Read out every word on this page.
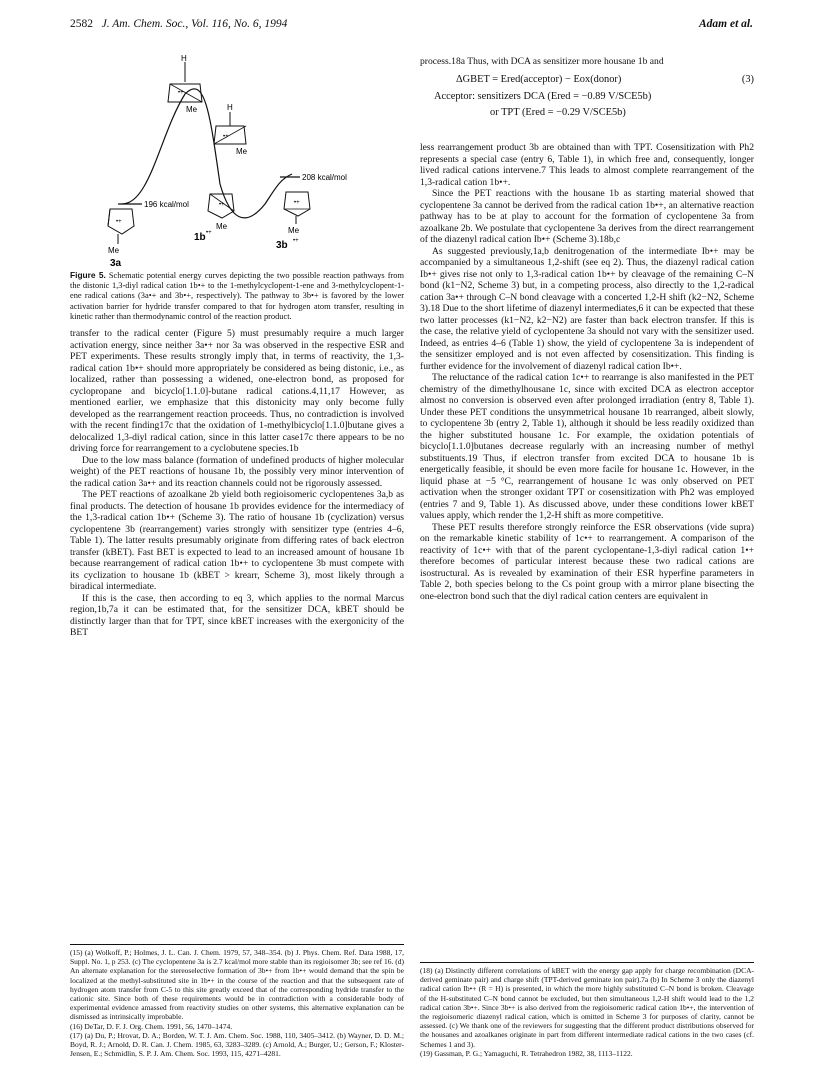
2582 J. Am. Chem. Soc., Vol. 116, No. 6, 1994	Adam et al.
H
Me
•+
H
Me
•+
208 kcal/mol
196 kcal/mol
•+
Me
3a
•+
Me
1b •+
•+
Me
3b •+
Figure 5. Schematic potential energy curves depicting the two possible reaction pathways from the distonic 1,3-diyl radical cation 1b•+ to the 1-methylcyclopent-1-ene and 3-methylcyclopent-1-ene radical cations (3a•+ and 3b•+, respectively). The pathway to 3b•+ is favored by the lower activation barrier for hydride transfer compared to that for hydrogen atom transfer, resulting in kinetic rather than thermodynamic control of the reaction product.

transfer to the radical center (Figure 5) must presumably require a much larger activation energy, since neither 3a•+ nor 3a was observed in the respective ESR and PET experiments. These results strongly imply that, in terms of reactivity, the 1,3-radical cation 1b•+ should more appropriately be considered as being distonic, i.e., as localized, rather than possessing a widened, one-electron bond, as proposed for cyclopropane and bicyclo[1.1.0]-butane radical cations.4,11,17 However, as mentioned earlier, we emphasize that this distonicity may only become fully developed as the rearrangement reaction proceeds. Thus, no contradiction is involved with the recent finding17c that the oxidation of 1-methylbicyclo[1.1.0]butane gives a delocalized 1,3-diyl radical cation, since in this latter case17c there appears to be no driving force for rearrangement to a cyclobutene species.1b

Due to the low mass balance (formation of undefined products of higher molecular weight) of the PET reactions of housane 1b, the possibly very minor intervention of the radical cation 3a•+ and its reaction channels could not be rigorously assessed.

The PET reactions of azoalkane 2b yield both regioisomeric cyclopentenes 3a,b as final products. The detection of housane 1b provides evidence for the intermediacy of the 1,3-radical cation 1b•+ (Scheme 3). The ratio of housane 1b (cyclization) versus cyclopentene 3b (rearrangement) varies strongly with sensitizer type (entries 4–6, Table 1). The latter results presumably originate from differing rates of back electron transfer (kBET). Fast BET is expected to lead to an increased amount of housane 1b because rearrangement of radical cation 1b•+ to cyclopentene 3b must compete with its cyclization to housane 1b (kBET > krearr, Scheme 3), most likely through a biradical intermediate.

If this is the case, then according to eq 3, which applies to the normal Marcus region,1b,7a it can be estimated that, for the sensitizer DCA, kBET should be distinctly larger than that for TPT, since kBET increases with the exergonicity of the BET

(15) (a) Wolkoff, P.; Holmes, J. L. Can. J. Chem. 1979, 57, 348–354. (b) J. Phys. Chem. Ref. Data 1988, 17, Suppl. No. 1, p 253. (c) The cyclopentene 3a is 2.7 kcal/mol more stable than its regioisomer 3b; see ref 16. (d) An alternate explanation for the stereoselective formation of 3b•+ from 1b•+ would demand that the spin be localized at the methyl-substituted site in 1b•+ in the course of the reaction and that the subsequent rate of hydrogen atom transfer from C-5 to this site greatly exceed that of the corresponding hydride transfer to the cationic site. Since both of these requirements would be in contradiction with a considerable body of experimental evidence amassed from reactivity studies on other systems, this alternative explanation can be dismissed as intrinsically improbable.

(16) DeTar, D. F. J. Org. Chem. 1991, 56, 1470–1474.

(17) (a) Du, P.; Hrovat, D. A.; Borden, W. T. J. Am. Chem. Soc. 1988, 110, 3405–3412. (b) Wayner, D. D. M.; Boyd, R. J.; Arnold, D. R. Can. J. Chem. 1985, 63, 3283–3289. (c) Arnold, A.; Burger, U.; Gerson, F.; Kloster-Jensen, E.; Schmidlin, S. P. J. Am. Chem. Soc. 1993, 115, 4271–4281.

process.18a Thus, with DCA as sensitizer more housane 1b and
ΔGBET = Ered(acceptor) − Eox(donor)	(3)
Acceptor: sensitizers DCA (Ered = −0.89 V/SCE5b)
or TPT (Ered = −0.29 V/SCE5b)

less rearrangement product 3b are obtained than with TPT. Cosensitization with Ph2 represents a special case (entry 6, Table 1), in which free and, consequently, longer lived radical cations intervene.7 This leads to almost complete rearrangement of the 1,3-radical cation 1b•+.

Since the PET reactions with the housane 1b as starting material showed that cyclopentene 3a cannot be derived from the radical cation 1b•+, an alternative reaction pathway has to be at play to account for the formation of cyclopentene 3a from azoalkane 2b. We postulate that cyclopentene 3a derives from the direct rearrangement of the diazenyl radical cation Ib•+ (Scheme 3).18b,c

As suggested previously,1a,b denitrogenation of the intermediate Ib•+ may be accompanied by a simultaneous 1,2-shift (see eq 2). Thus, the diazenyl radical cation Ib•+ gives rise not only to 1,3-radical cation 1b•+ by cleavage of the remaining C–N bond (k1−N2, Scheme 3) but, in a competing process, also directly to the 1,2-radical cation 3a•+ through C–N bond cleavage with a concerted 1,2-H shift (k2−N2, Scheme 3).18 Due to the short lifetime of diazenyl intermediates,6 it can be expected that these two latter processes (k1−N2, k2−N2) are faster than back electron transfer. If this is the case, the relative yield of cyclopentene 3a should not vary with the sensitizer used. Indeed, as entries 4–6 (Table 1) show, the yield of cyclopentene 3a is independent of the sensitizer employed and is not even affected by cosensitization. This finding is further evidence for the involvement of diazenyl radical cation Ib•+.

The reluctance of the radical cation 1c•+ to rearrange is also manifested in the PET chemistry of the dimethylhousane 1c, since with excited DCA as electron acceptor almost no conversion is observed even after prolonged irradiation (entry 8, Table 1). Under these PET conditions the unsymmetrical housane 1b rearranged, albeit slowly, to cyclopentene 3b (entry 2, Table 1), although it should be less readily oxidized than the higher substituted housane 1c. For example, the oxidation potentials of bicyclo[1.1.0]butanes decrease regularly with an increasing number of methyl substituents.19 Thus, if electron transfer from excited DCA to housane 1b is energetically feasible, it should be even more facile for housane 1c. However, in the liquid phase at −5 °C, rearrangement of housane 1c was only observed on PET activation when the stronger oxidant TPT or cosensitization with Ph2 was employed (entries 7 and 9, Table 1). As discussed above, under these conditions lower kBET values apply, which render the 1,2-H shift as more competitive.

These PET results therefore strongly reinforce the ESR observations (vide supra) on the remarkable kinetic stability of 1c•+ to rearrangement. A comparison of the reactivity of 1c•+ with that of the parent cyclopentane-1,3-diyl radical cation 1•+ therefore becomes of particular interest because these two radical cations are isostructural. As is revealed by examination of their ESR hyperfine parameters in Table 2, both species belong to the Cs point group with a mirror plane bisecting the one-electron bond such that the diyl radical cation centers are equivalent in

(18) (a) Distinctly different correlations of kBET with the energy gap apply for charge recombination (DCA-derived geminate pair) and charge shift (TPT-derived geminate ion pair).7a (b) In Scheme 3 only the diazenyl radical cation Ib•+ (R = H) is presented, in which the more highly substituted C–N bond is broken. Cleavage of the H-substituted C–N bond cannot be excluded, but then simultaneous 1,2-H shift would lead to the 1,2 radical cation 3b•+. Since 3b•+ is also derived from the regioisomeric radical cation 1b•+, the intervention of the regioisomeric diazenyl radical cation, which is omitted in Scheme 3 for purposes of clarity, cannot be assessed. (c) We thank one of the reviewers for suggesting that the different product distributions observed for the housanes and azoalkanes originate in part from different intermediate radical cations in the two cases (cf. Schemes 1 and 3).

(19) Gassman, P. G.; Yamaguchi, R. Tetrahedron 1982, 38, 1113–1122.
